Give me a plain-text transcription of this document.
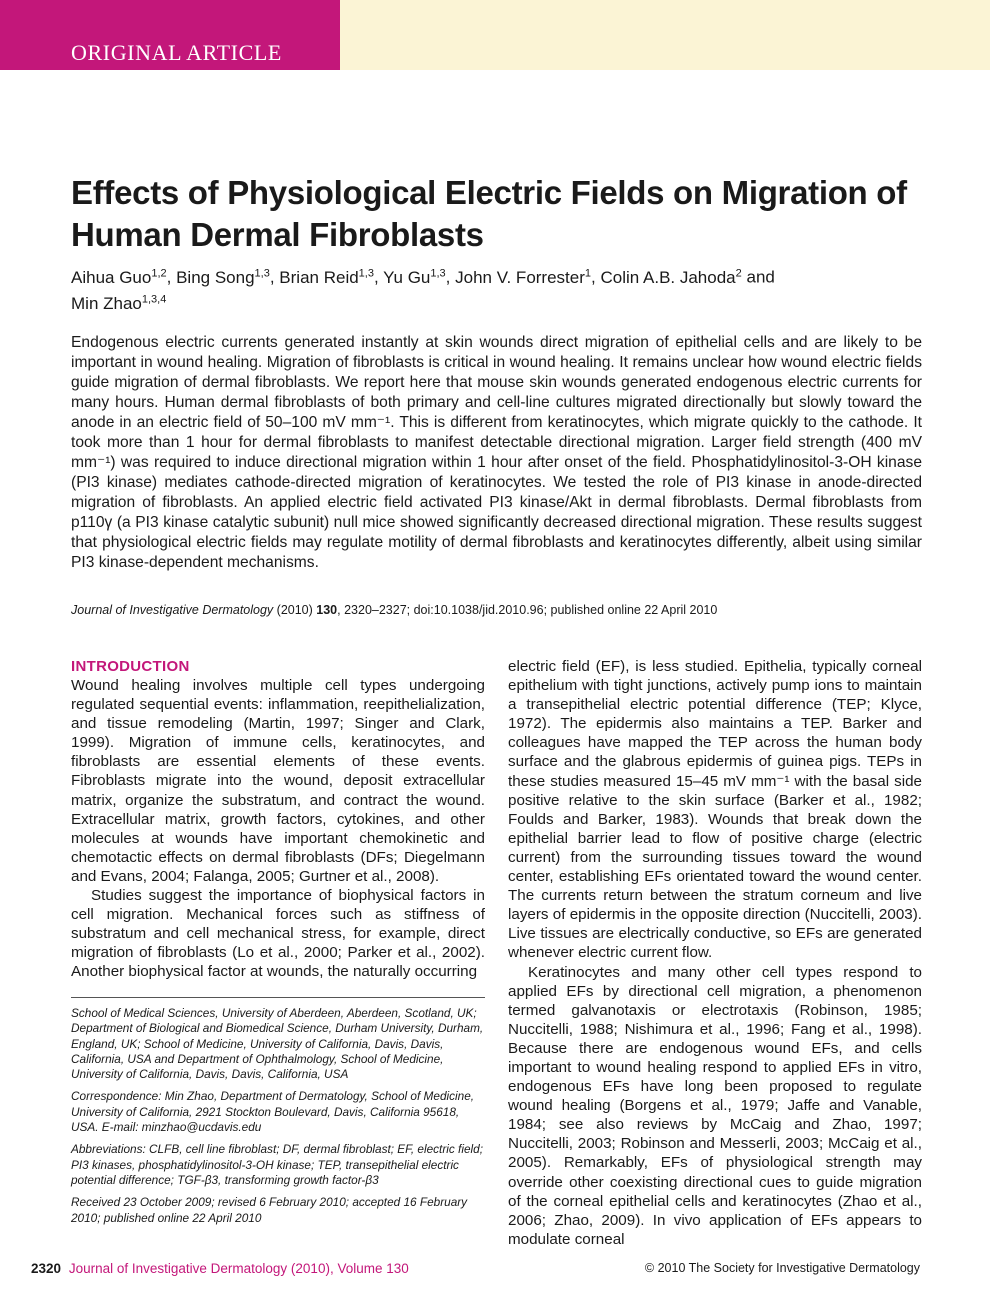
ORIGINAL ARTICLE
Effects of Physiological Electric Fields on Migration of Human Dermal Fibroblasts
Aihua Guo$^{1,2}$, Bing Song$^{1,3}$, Brian Reid$^{1,3}$, Yu Gu$^{1,3}$, John V. Forrester$^1$, Colin A.B. Jahoda$^2$ and
Min Zhao$^{1,3,4}$

Endogenous electric currents generated instantly at skin wounds direct migration of epithelial cells and are likely to be important in wound healing. Migration of fibroblasts is critical in wound healing. It remains unclear how wound electric fields guide migration of dermal fibroblasts. We report here that mouse skin wounds generated endogenous electric currents for many hours. Human dermal fibroblasts of both primary and cell-line cultures migrated directionally but slowly toward the anode in an electric field of 50–100 mV mm⁻¹. This is different from keratinocytes, which migrate quickly to the cathode. It took more than 1 hour for dermal fibroblasts to manifest detectable directional migration. Larger field strength (400 mV mm⁻¹) was required to induce directional migration within 1 hour after onset of the field. Phosphatidylinositol-3-OH kinase (PI3 kinase) mediates cathode-directed migration of keratinocytes. We tested the role of PI3 kinase in anode-directed migration of fibroblasts. An applied electric field activated PI3 kinase/Akt in dermal fibroblasts. Dermal fibroblasts from p110γ (a PI3 kinase catalytic subunit) null mice showed significantly decreased directional migration. These results suggest that physiological electric fields may regulate motility of dermal fibroblasts and keratinocytes differently, albeit using similar PI3 kinase-dependent mechanisms.

Journal of Investigative Dermatology (2010) 130, 2320–2327; doi:10.1038/jid.2010.96; published online 22 April 2010
INTRODUCTION

Wound healing involves multiple cell types undergoing regulated sequential events: inflammation, reepithelialization, and tissue remodeling (Martin, 1997; Singer and Clark, 1999). Migration of immune cells, keratinocytes, and fibroblasts are essential elements of these events. Fibroblasts migrate into the wound, deposit extracellular matrix, organize the substratum, and contract the wound. Extracellular matrix, growth factors, cytokines, and other molecules at wounds have important chemokinetic and chemotactic effects on dermal fibroblasts (DFs; Diegelmann and Evans, 2004; Falanga, 2005; Gurtner et al., 2008).

Studies suggest the importance of biophysical factors in cell migration. Mechanical forces such as stiffness of substratum and cell mechanical stress, for example, direct migration of fibroblasts (Lo et al., 2000; Parker et al., 2002). Another biophysical factor at wounds, the naturally occurring

electric field (EF), is less studied. Epithelia, typically corneal epithelium with tight junctions, actively pump ions to maintain a transepithelial electric potential difference (TEP; Klyce, 1972). The epidermis also maintains a TEP. Barker and colleagues have mapped the TEP across the human body surface and the glabrous epidermis of guinea pigs. TEPs in these studies measured 15–45 mV mm⁻¹ with the basal side positive relative to the skin surface (Barker et al., 1982; Foulds and Barker, 1983). Wounds that break down the epithelial barrier lead to flow of positive charge (electric current) from the surrounding tissues toward the wound center, establishing EFs orientated toward the wound center. The currents return between the stratum corneum and live layers of epidermis in the opposite direction (Nuccitelli, 2003). Live tissues are electrically conductive, so EFs are generated whenever electric current flow.

Keratinocytes and many other cell types respond to applied EFs by directional cell migration, a phenomenon termed galvanotaxis or electrotaxis (Robinson, 1985; Nuccitelli, 1988; Nishimura et al., 1996; Fang et al., 1998). Because there are endogenous wound EFs, and cells important to wound healing respond to applied EFs in vitro, endogenous EFs have long been proposed to regulate wound healing (Borgens et al., 1979; Jaffe and Vanable, 1984; see also reviews by McCaig and Zhao, 1997; Nuccitelli, 2003; Robinson and Messerli, 2003; McCaig et al., 2005). Remarkably, EFs of physiological strength may override other coexisting directional cues to guide migration of the corneal epithelial cells and keratinocytes (Zhao et al., 2006; Zhao, 2009). In vivo application of EFs appears to modulate corneal

School of Medical Sciences, University of Aberdeen, Aberdeen, Scotland, UK; Department of Biological and Biomedical Science, Durham University, Durham, England, UK; School of Medicine, University of California, Davis, Davis, California, USA and Department of Ophthalmology, School of Medicine, University of California, Davis, Davis, California, USA

Correspondence: Min Zhao, Department of Dermatology, School of Medicine, University of California, 2921 Stockton Boulevard, Davis, California 95618, USA. E-mail: minzhao@ucdavis.edu

Abbreviations: CLFB, cell line fibroblast; DF, dermal fibroblast; EF, electric field; PI3 kinases, phosphatidylinositol-3-OH kinase; TEP, transepithelial electric potential difference; TGF-β3, transforming growth factor-β3

Received 23 October 2009; revised 6 February 2010; accepted 16 February 2010; published online 22 April 2010

2320 Journal of Investigative Dermatology (2010), Volume 130	© 2010 The Society for Investigative Dermatology
